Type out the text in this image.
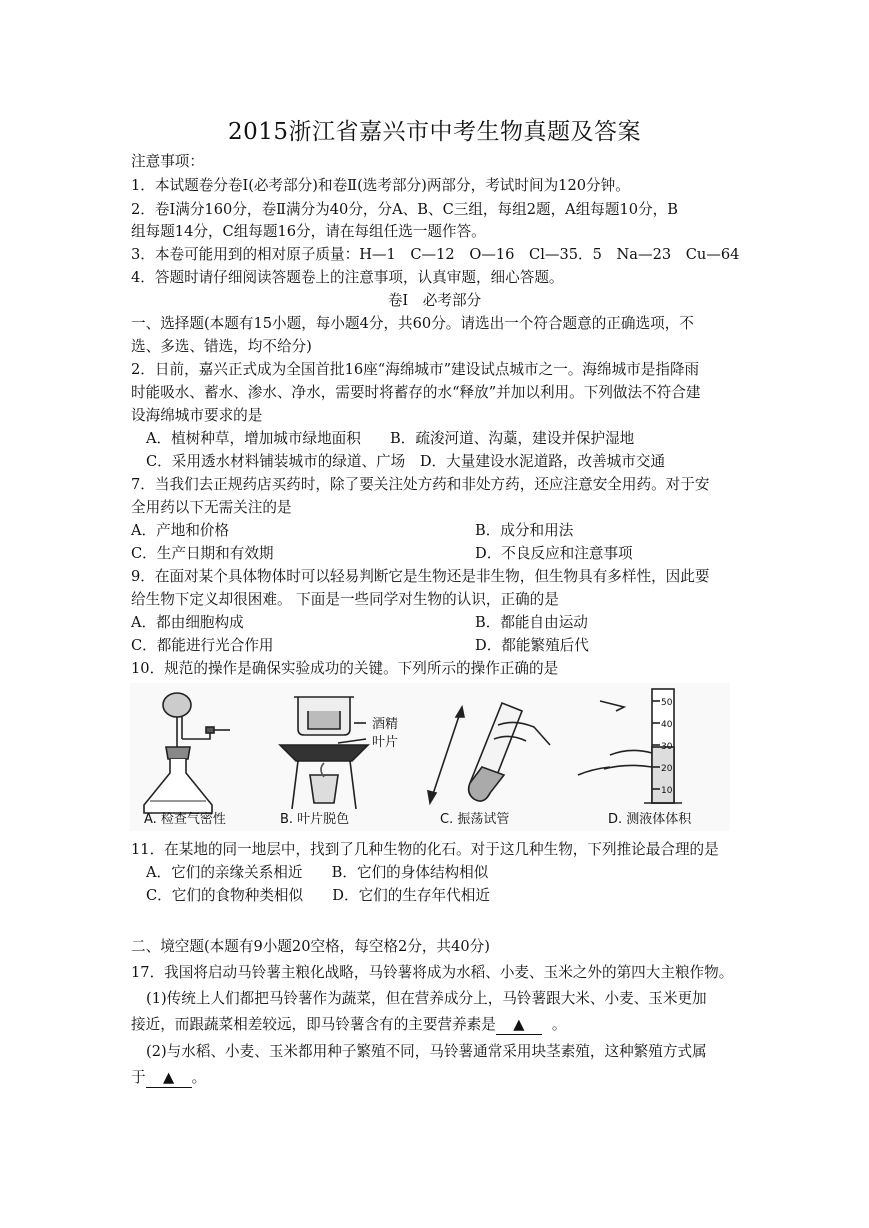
2015浙江省嘉兴市中考生物真题及答案
注意事项：
1．本试题卷分卷Ⅰ(必考部分)和卷Ⅱ(选考部分)两部分，考试时间为120分钟。
2．卷Ⅰ满分160分，卷Ⅱ满分为40分，分A、B、C三组，每组2题，A组每题10分，B
组每题14分，C组每题16分，请在每组任选一题作答。
3．本卷可能用到的相对原子质量：H—1　C—12　O—16　Cl—35．5　Na—23　Cu—64
4．答题时请仔细阅读答题卷上的注意事项，认真审题，细心答题。
卷Ⅰ　必考部分
一、选择题(本题有15小题，每小题4分，共60分。请选出一个符合题意的正确选项，不
选、多选、错选，均不给分)
2．日前，嘉兴正式成为全国首批16座“海绵城市”建设试点城市之一。海绵城市是指降雨
时能吸水、蓄水、渗水、净水，需要时将蓄存的水“释放”并加以利用。下列做法不符合建
设海绵城市要求的是
A．植树种草，增加城市绿地面积　　B．疏浚河道、沟藁，建设并保护湿地
C．采用透水材料铺装城市的绿道、广场　D．大量建设水泥道路，改善城市交通
7．当我们去正规药店买药时，除了要关注处方药和非处方药，还应注意安全用药。对于安
全用药以下无需关注的是
A．产地和价格	B．成分和用法
C．生产日期和有效期	D．不良反应和注意事项
9．在面对某个具体物体时可以轻易判断它是生物还是非生物，但生物具有多样性，因此要
给生物下定义却很困难。 下面是一些同学对生物的认识，正确的是
A．都由细胞构成	B．都能自由运动
C．都能进行光合作用	D．都能繁殖后代
10．规范的操作是确保实验成功的关键。下列所示的操作正确的是
A. 检查气密性
酒精
叶片
B. 叶片脱色	C. 振荡试管
50
40
30
20
10
D. 测液体体积
11．在某地的同一地层中，找到了几种生物的化石。对于这几种生物，下列推论最合理的是
A．它们的亲缘关系相近　　B．它们的身体结构相似
C．它们的食物种类相似　　D．它们的生存年代相近
二、境空题(本题有9小题20空格，每空格2分，共40分)
17．我国将启动马铃薯主粮化战略，马铃薯将成为水稻、小麦、玉米之外的第四大主粮作物。
(1)传统上人们都把马铃薯作为蔬菜，但在营养成分上，马铃薯跟大米、小麦、玉米更加
接近，而跟蔬菜相差较远，即马铃薯含有的主要营养素是 ▲ 。
(2)与水稻、小麦、玉米都用种子繁殖不同，马铃薯通常采用块茎素殖，这种繁殖方式属
于 ▲ 。
